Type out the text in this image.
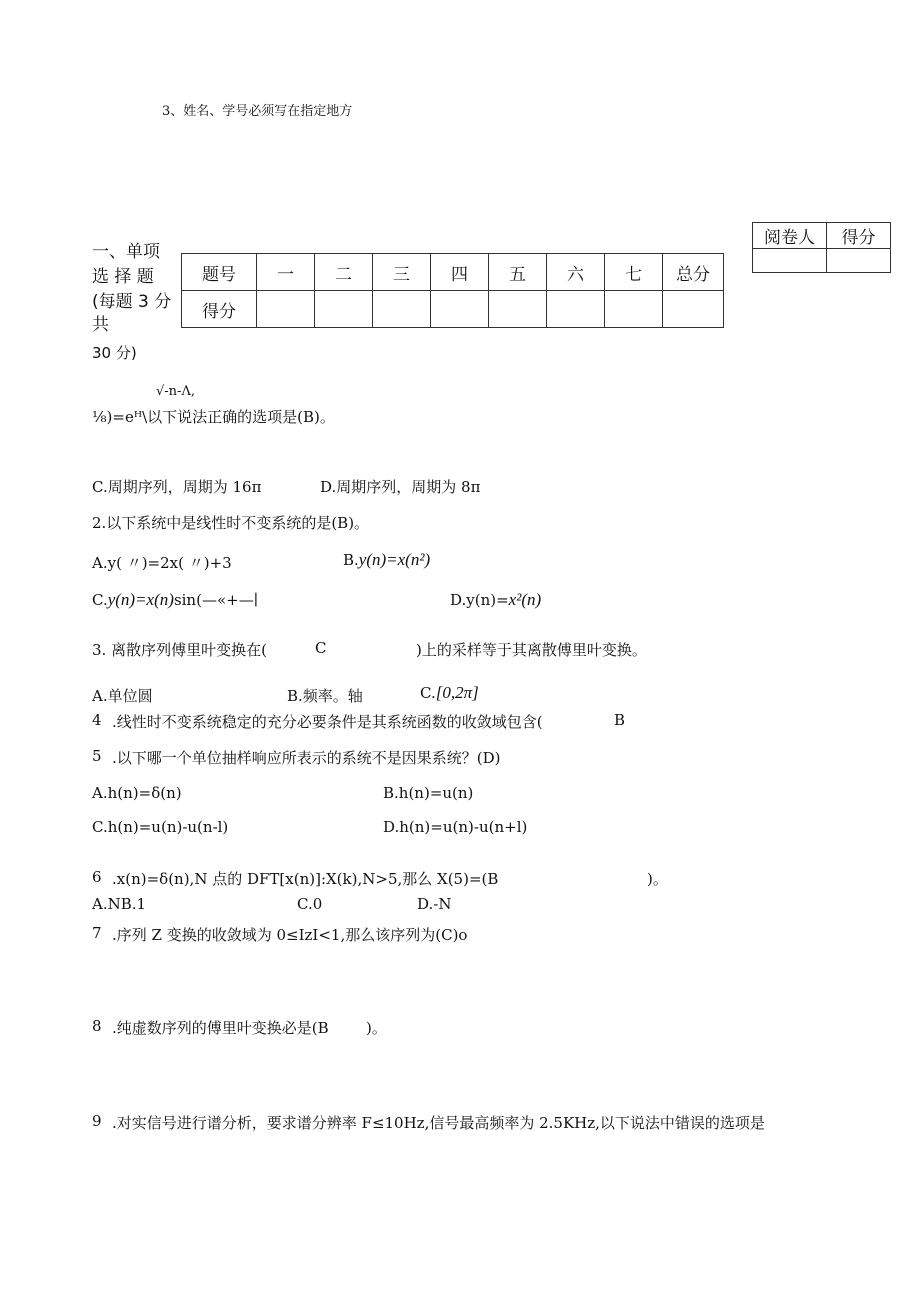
3、姓名、学号必须写在指定地方
阅卷人	得分

一、单项
选 择 题
(每题 3 分
共
30 分)
题号	一	二	三	四	五	六	七	总分
得分								
√-n-Λ,
⅛)=eᴴ\以下说法正确的选项是(B)。
C.周期序列，周期为 16π	D.周期序列，周期为 8π
2.以下系统中是线性时不变系统的是(B)。
A.y( 〃)=2x( 〃)+3	B.y(n)=x(n²)
C.y(n)=x(n)sin(—«+—∣	D.y(n)=x²(n)
3. 离散序列傅里叶变换在(	C	)上的采样等于其离散傅里叶变换。
A.单位圆	B.频率。轴	C.[0,2π]
4 .线性时不变系统稳定的充分必要条件是其系统函数的收敛域包含(	B
5 .以下哪一个单位抽样响应所表示的系统不是因果系统？(D)
A.h(n)=δ(n)	B.h(n)=u(n)
C.h(n)=u(n)-u(n-l)	D.h(n)=u(n)-u(n+l)
6 .x(n)=δ(n),N 点的 DFT[x(n)]:X(k),N>5,那么 X(5)=(B	)。
A.NB.1	C.0	D.-N
7 .序列 Z 变换的收敛域为 0≤IzI<1,那么该序列为(C)o
8 .纯虚数序列的傅里叶变换必是(B )。
9 .对实信号进行谱分析，要求谱分辨率 F≤10Hz,信号最高频率为 2.5KHz,以下说法中错误的选项是
